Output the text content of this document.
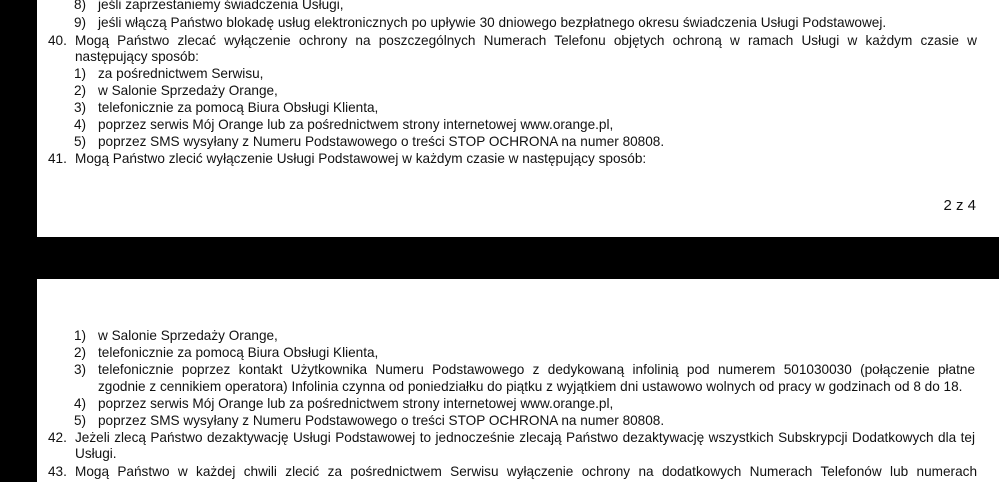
8) jeśli zaprzestaniemy świadczenia Usługi,
9) jeśli włączą Państwo blokadę usług elektronicznych po upływie 30 dniowego bezpłatnego okresu świadczenia Usługi Podstawowej.
40. Mogą Państwo zlecać wyłączenie ochrony na poszczególnych Numerach Telefonu objętych ochroną w ramach Usługi w każdym czasie w
następujący sposób:
1) za pośrednictwem Serwisu,
2) w Salonie Sprzedaży Orange,
3) telefonicznie za pomocą Biura Obsługi Klienta,
4) poprzez serwis Mój Orange lub za pośrednictwem strony internetowej www.orange.pl,
5) poprzez SMS wysyłany z Numeru Podstawowego o treści STOP OCHRONA na numer 80808.
41. Mogą Państwo zlecić wyłączenie Usługi Podstawowej w każdym czasie w następujący sposób:
2 z 4
1) w Salonie Sprzedaży Orange,
2) telefonicznie za pomocą Biura Obsługi Klienta,
3) telefonicznie poprzez kontakt Użytkownika Numeru Podstawowego z dedykowaną infolinią pod numerem 501030030 (połączenie płatne
zgodnie z cennikiem operatora) Infolinia czynna od poniedziałku do piątku z wyjątkiem dni ustawowo wolnych od pracy w godzinach od 8 do 18.
4) poprzez serwis Mój Orange lub za pośrednictwem strony internetowej www.orange.pl,
5) poprzez SMS wysyłany z Numeru Podstawowego o treści STOP OCHRONA na numer 80808.
42. Jeżeli zlecą Państwo dezaktywację Usługi Podstawowej to jednocześnie zlecają Państwo dezaktywację wszystkich Subskrypcji Dodatkowych dla tej
Usługi.
43. Mogą Państwo w każdej chwili zlecić za pośrednictwem Serwisu wyłączenie ochrony na dodatkowych Numerach Telefonów lub numerach
